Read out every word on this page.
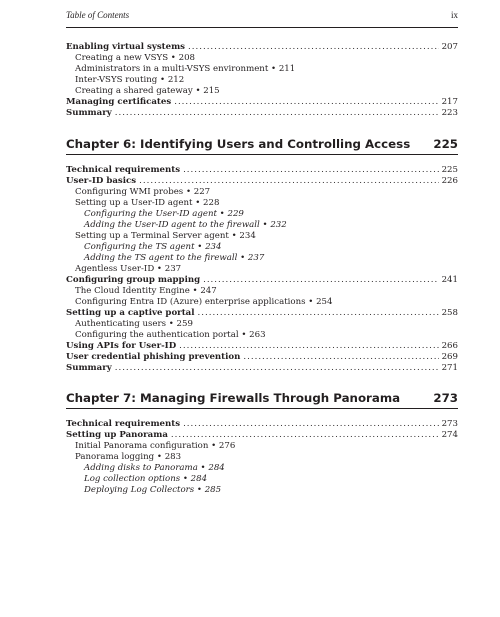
Table of Contents	ix
Enabling virtual systems .....	207
Creating a new VSYS • 208
Administrators in a multi-VSYS environment • 211
Inter-VSYS routing • 212
Creating a shared gateway • 215
Managing certificates .....	217
Summary .....	223
Chapter 6: Identifying Users and Controlling Access 225
Technical requirements .....	225
User-ID basics .....	226
Configuring WMI probes • 227
Setting up a User-ID agent • 228
Configuring the User-ID agent • 229
Adding the User-ID agent to the firewall • 232
Setting up a Terminal Server agent • 234
Configuring the TS agent • 234
Adding the TS agent to the firewall • 237
Agentless User-ID • 237
Configuring group mapping .....	241
The Cloud Identity Engine • 247
Configuring Entra ID (Azure) enterprise applications • 254
Setting up a captive portal .....	258
Authenticating users • 259
Configuring the authentication portal • 263
Using APIs for User-ID .....	266
User credential phishing prevention .....	269
Summary .....	271
Chapter 7: Managing Firewalls Through Panorama	273
Technical requirements .....	273
Setting up Panorama .....	274
Initial Panorama configuration • 276
Panorama logging • 283
Adding disks to Panorama • 284
Log collection options • 284
Deploying Log Collectors • 285
